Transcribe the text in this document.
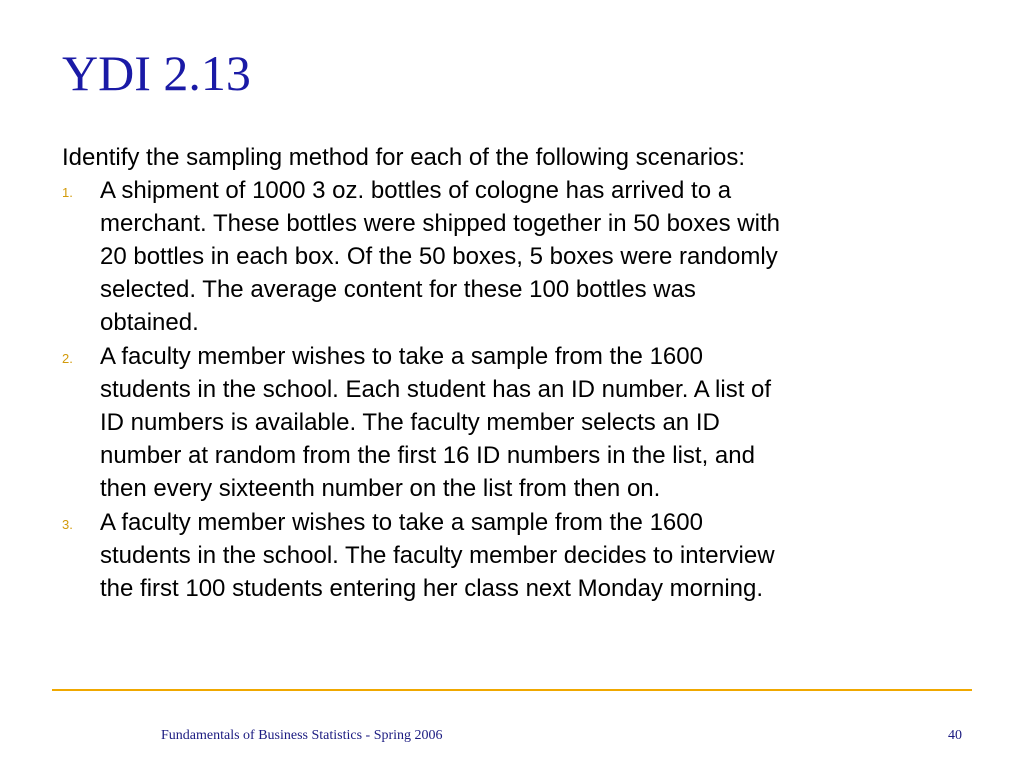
YDI 2.13

Identify the sampling method for each of the following scenarios:

1. A shipment of 1000 3 oz. bottles of cologne has arrived to a
merchant. These bottles were shipped together in 50 boxes with
20 bottles in each box. Of the 50 boxes, 5 boxes were randomly
selected. The average content for these 100 bottles was
obtained.
2. A faculty member wishes to take a sample from the 1600
students in the school. Each student has an ID number. A list of
ID numbers is available. The faculty member selects an ID
number at random from the first 16 ID numbers in the list, and
then every sixteenth number on the list from then on.
3. A faculty member wishes to take a sample from the 1600
students in the school. The faculty member decides to interview
the first 100 students entering her class next Monday morning.
Fundamentals of Business Statistics - Spring 2006	40
